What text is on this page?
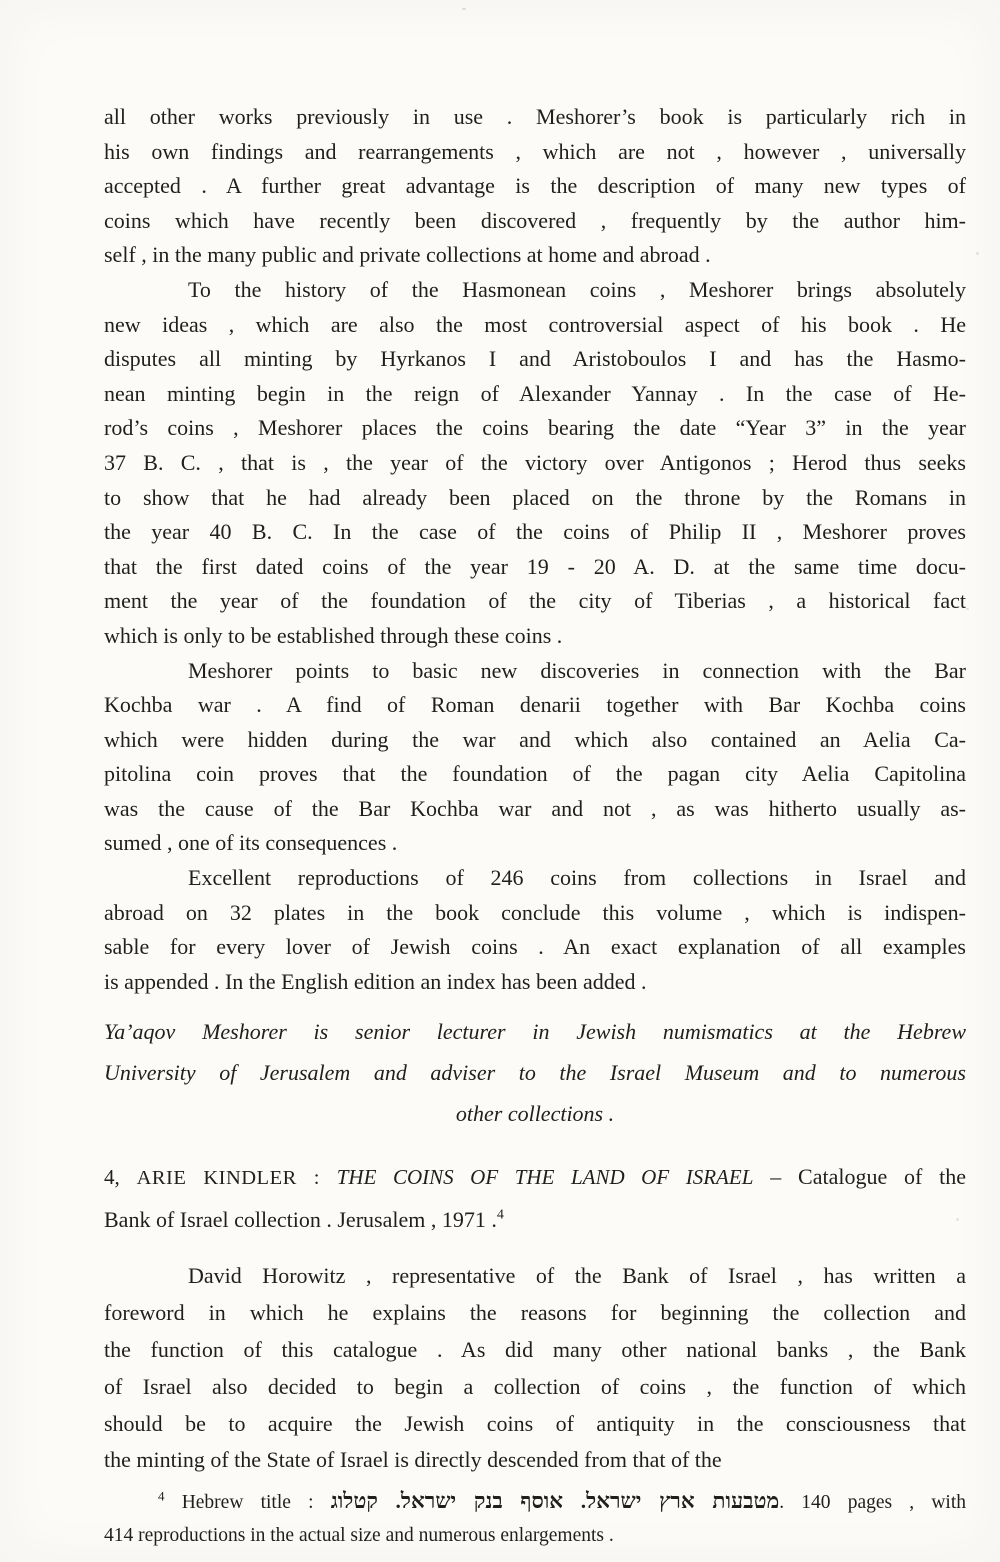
all other works previously in use . Meshorer’s book is particularly rich in
his own findings and rearrangements , which are not , however , universally
accepted . A further great advantage is the description of many new types of
coins which have recently been discovered , frequently by the author him-
self , in the many public and private collections at home and abroad .
To the history of the Hasmonean coins , Meshorer brings absolutely
new ideas , which are also the most controversial aspect of his book . He
disputes all minting by Hyrkanos I and Aristoboulos I and has the Hasmo-
nean minting begin in the reign of Alexander Yannay . In the case of He-
rod’s coins , Meshorer places the coins bearing the date “Year 3” in the year
37 B. C. , that is , the year of the victory over Antigonos ; Herod thus seeks
to show that he had already been placed on the throne by the Romans in
the year 40 B. C. In the case of the coins of Philip II , Meshorer proves
that the first dated coins of the year 19 - 20 A. D. at the same time docu-
ment the year of the foundation of the city of Tiberias , a historical fact
which is only to be established through these coins .
Meshorer points to basic new discoveries in connection with the Bar
Kochba war . A find of Roman denarii together with Bar Kochba coins
which were hidden during the war and which also contained an Aelia Ca-
pitolina coin proves that the foundation of the pagan city Aelia Capitolina
was the cause of the Bar Kochba war and not , as was hitherto usually as-
sumed , one of its consequences .
Excellent reproductions of 246 coins from collections in Israel and
abroad on 32 plates in the book conclude this volume , which is indispen-
sable for every lover of Jewish coins . An exact explanation of all examples
is appended . In the English edition an index has been added .
Ya’aqov Meshorer is senior lecturer in Jewish numismatics at the Hebrew
University of Jerusalem and adviser to the Israel Museum and to numerous
other collections .
4, ARIE KINDLER : THE COINS OF THE LAND OF ISRAEL – Catalogue of the
Bank of Israel collection . Jerusalem , 1971 .$^4$
David Horowitz , representative of the Bank of Israel , has written a
foreword in which he explains the reasons for beginning the collection and
the function of this catalogue . As did many other national banks , the Bank
of Israel also decided to begin a collection of coins , the function of which
should be to acquire the Jewish coins of antiquity in the consciousness that
the minting of the State of Israel is directly descended from that of the
$^4$ Hebrew title : מטבעות ארץ ישראל. אוסף בנק ישראל. קטלוג. 140 pages , with
414 reproductions in the actual size and numerous enlargements .
